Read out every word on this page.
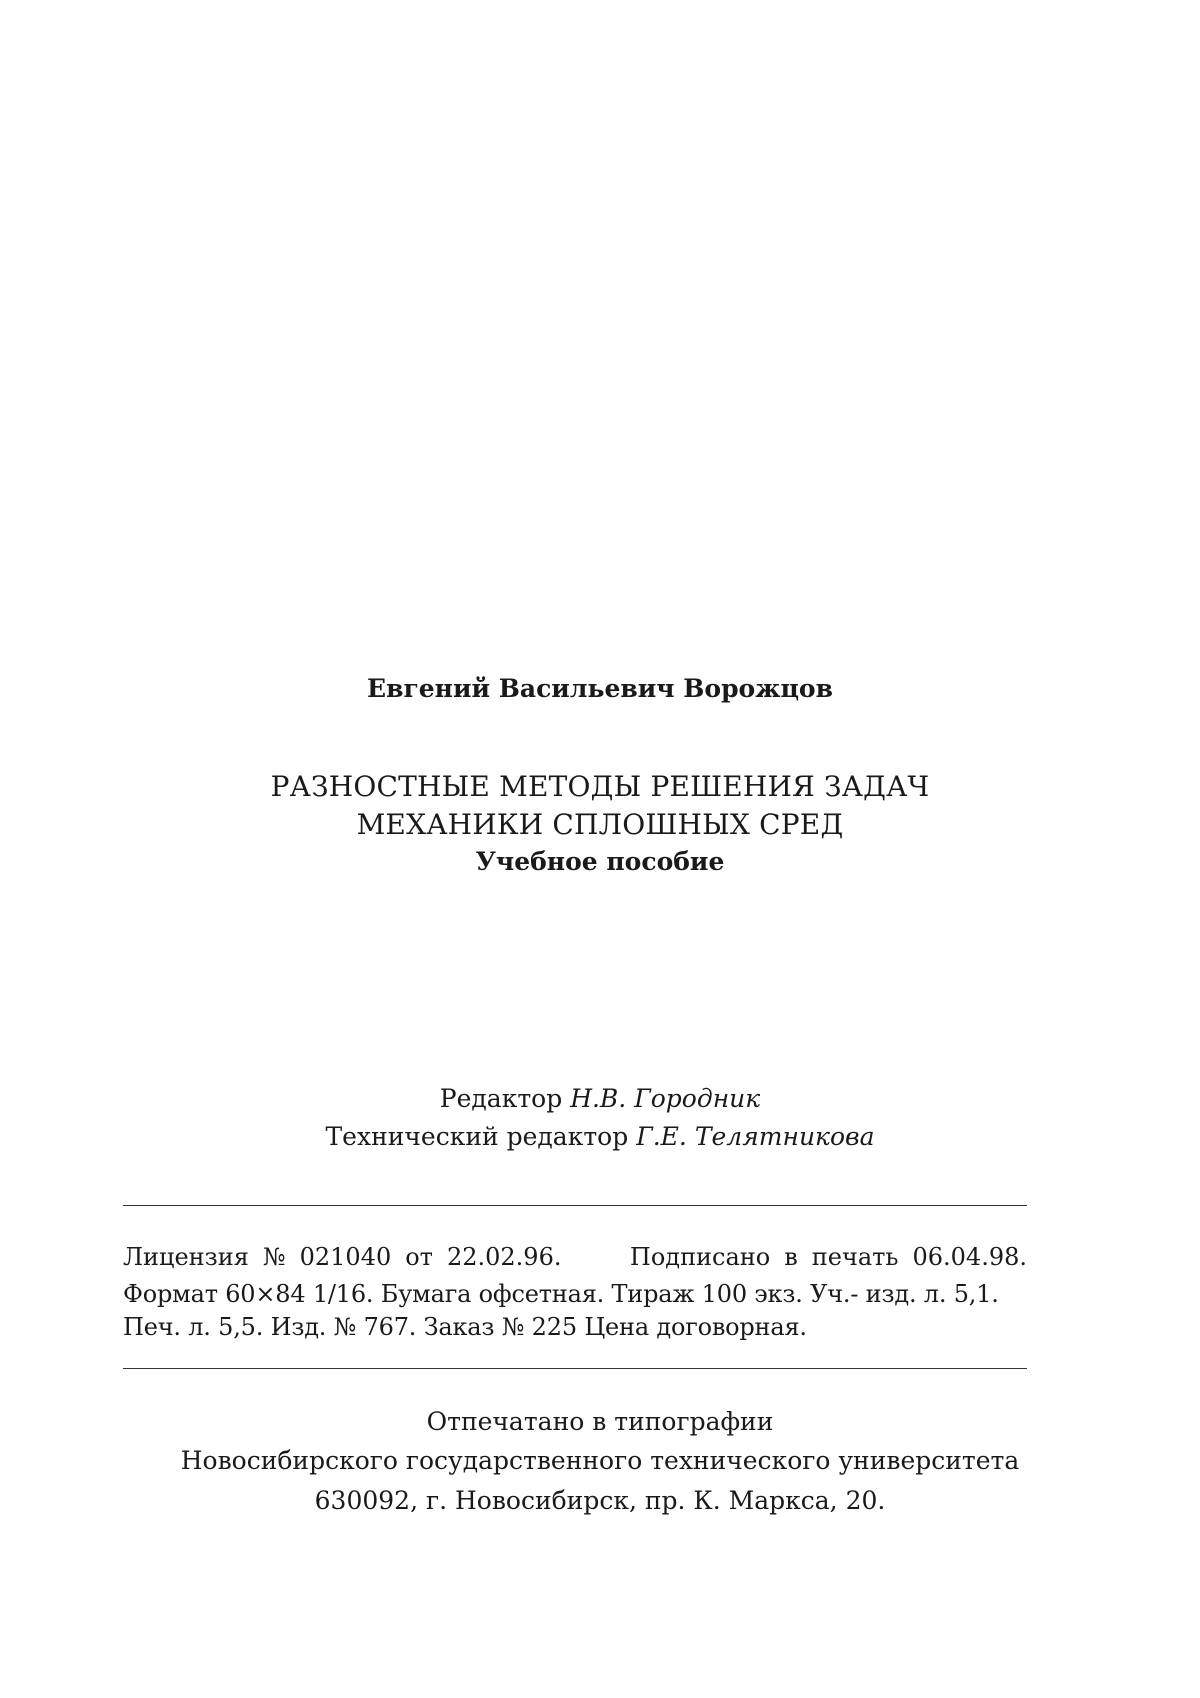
Евгений Васильевич Ворожцов
РАЗНОСТНЫЕ МЕТОДЫ РЕШЕНИЯ ЗАДАЧ
МЕХАНИКИ СПЛОШНЫХ СРЕД
Учебное пособие
Редактор Н.В. Городник
Технический редактор Г.Е. Телятникова
Лицензия № 021040 от 22.02.96.	Подписано в печать 06.04.98.
Формат 60×84 1/16. Бумага офсетная. Тираж 100 экз. Уч.- изд. л. 5,1.
Печ. л. 5,5. Изд. № 767. Заказ № 225 Цена договорная.
Отпечатано в типографии
Новосибирского государственного технического университета
630092, г. Новосибирск, пр. К. Маркса, 20.
